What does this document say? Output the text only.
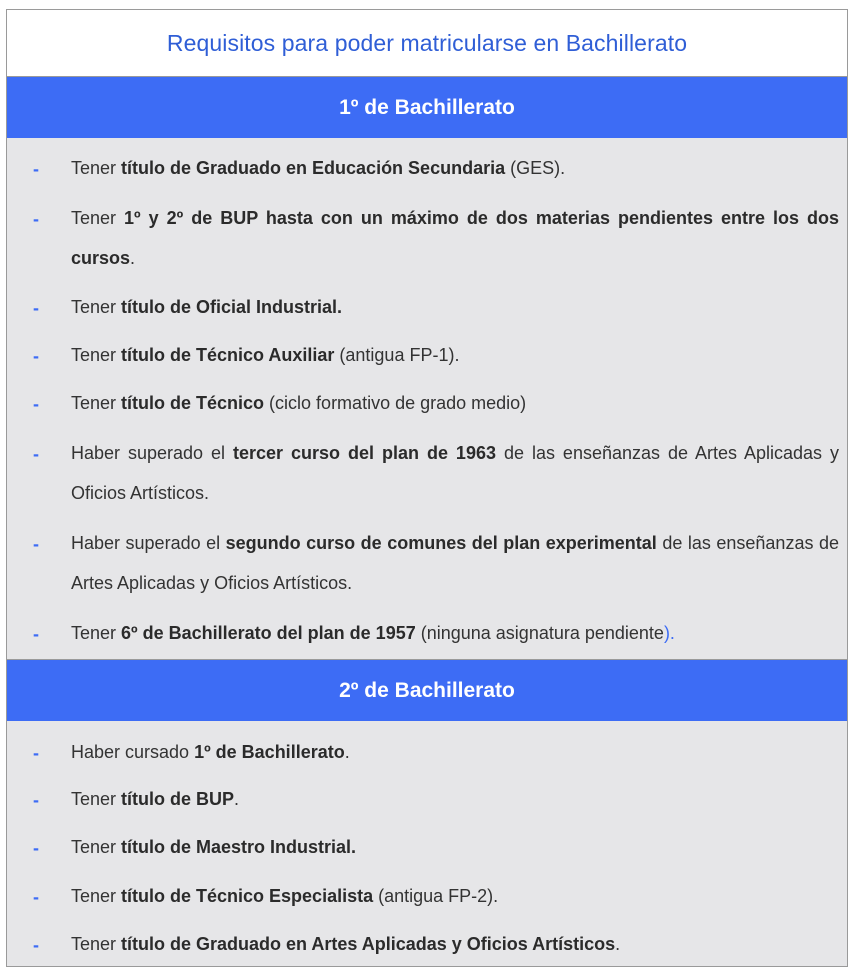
Requisitos para poder matricularse en Bachillerato
1º de Bachillerato
- Tener título de Graduado en Educación Secundaria (GES).
- Tener 1º y 2º de BUP hasta con un máximo de dos materias pendientes entre los dos cursos.
- Tener título de Oficial Industrial.
- Tener título de Técnico Auxiliar (antigua FP-1).
- Tener título de Técnico (ciclo formativo de grado medio)
- Haber superado el tercer curso del plan de 1963 de las enseñanzas de Artes Aplicadas y Oficios Artísticos.
- Haber superado el segundo curso de comunes del plan experimental de las enseñanzas de Artes Aplicadas y Oficios Artísticos.
- Tener 6º de Bachillerato del plan de 1957 (ninguna asignatura pendiente).
2º de Bachillerato
- Haber cursado 1º de Bachillerato.
- Tener título de BUP.
- Tener título de Maestro Industrial.
- Tener título de Técnico Especialista (antigua FP-2).
- Tener título de Graduado en Artes Aplicadas y Oficios Artísticos.
